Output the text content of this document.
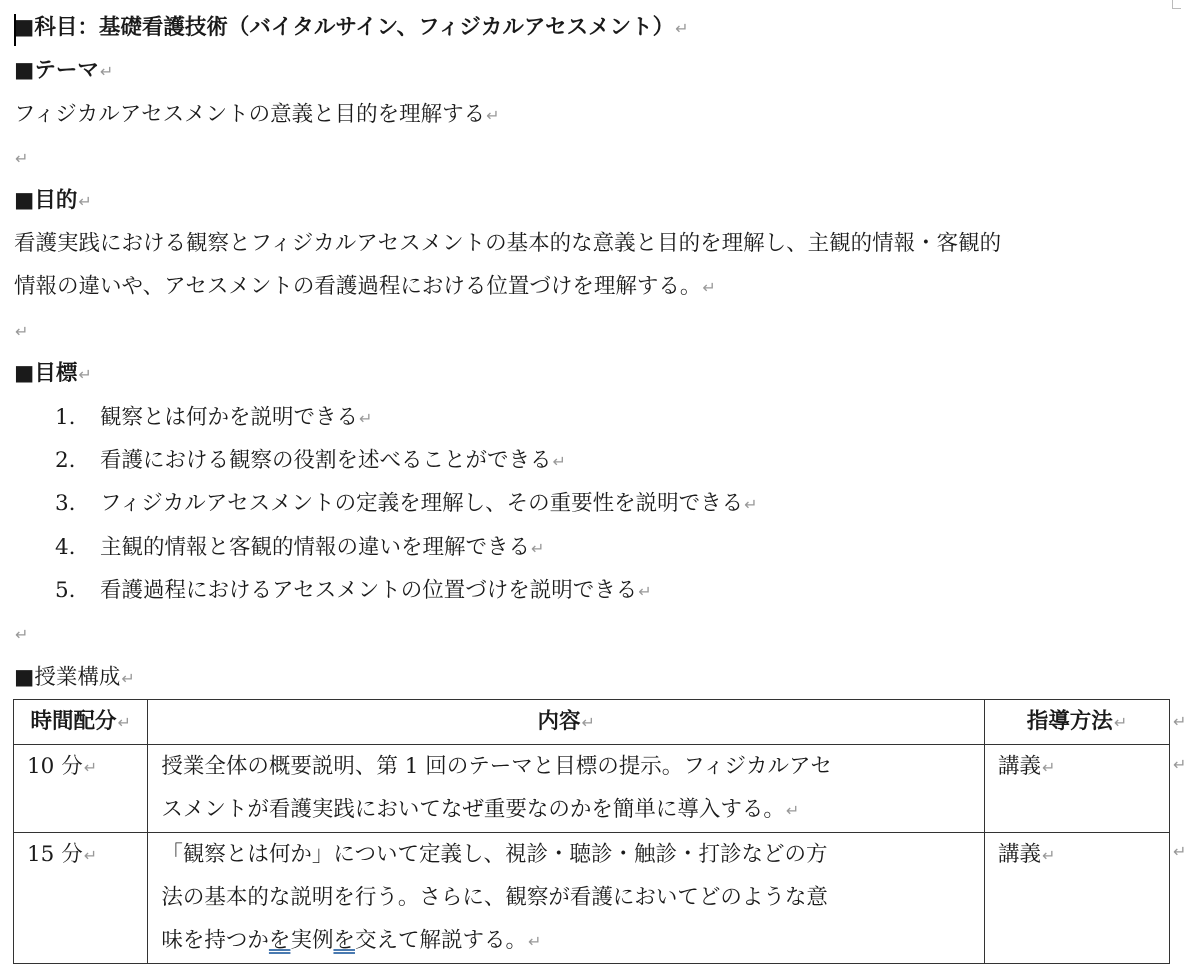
■科目：基礎看護技術（バイタルサイン、フィジカルアセスメント）↵
■テーマ↵
フィジカルアセスメントの意義と目的を理解する↵
↵
■目的↵
看護実践における観察とフィジカルアセスメントの基本的な意義と目的を理解し、主観的情報・客観的
情報の違いや、アセスメントの看護過程における位置づけを理解する。↵
↵
■目標↵
1.	観察とは何かを説明できる↵
2.	看護における観察の役割を述べることができる↵
3.	フィジカルアセスメントの定義を理解し、その重要性を説明できる↵
4.	主観的情報と客観的情報の違いを理解できる↵
5.	看護過程におけるアセスメントの位置づけを説明できる↵
↵
■授業構成↵
時間配分↵	内容↵	指導方法↵
10 分↵	授業全体の概要説明、第 1 回のテーマと目標の提示。フィジカルアセ
スメントが看護実践においてなぜ重要なのかを簡単に導入する。↵	講義↵
15 分↵	「観察とは何か」について定義し、視診・聴診・触診・打診などの方
法の基本的な説明を行う。さらに、観察が看護においてどのような意
味を持つかを実例を交えて解説する。↵	講義↵
↵
↵
↵
